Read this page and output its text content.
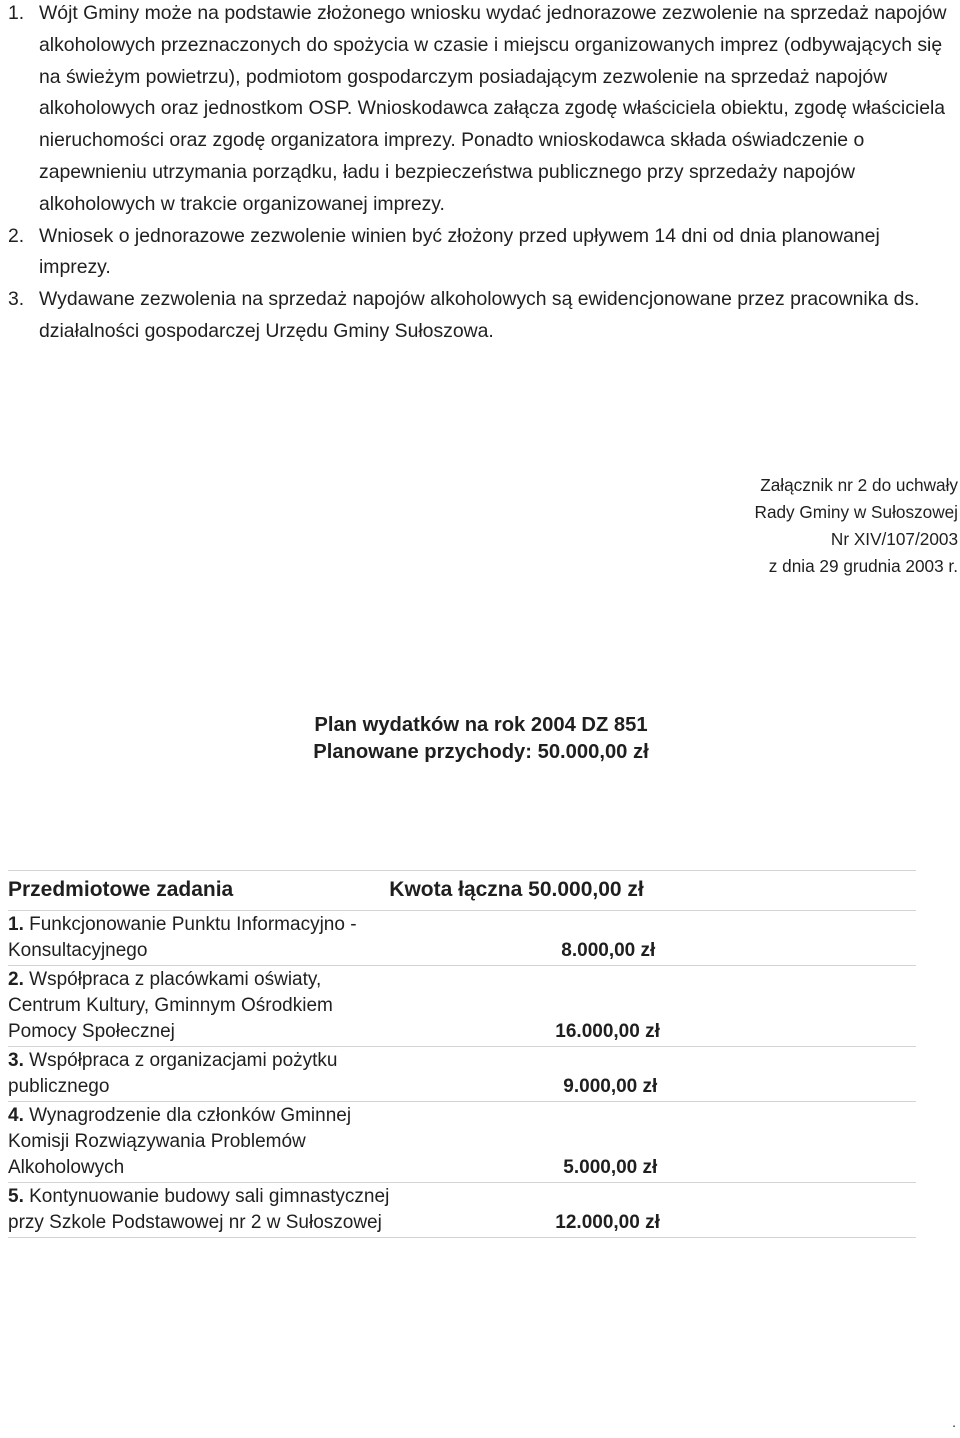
1. Wójt Gminy może na podstawie złożonego wniosku wydać jednorazowe zezwolenie na sprzedaż napojów alkoholowych przeznaczonych do spożycia w czasie i miejscu organizowanych imprez (odbywających się na świeżym powietrzu), podmiotom gospodarczym posiadającym zezwolenie na sprzedaż napojów alkoholowych oraz jednostkom OSP. Wnioskodawca załącza zgodę właściciela obiektu, zgodę właściciela nieruchomości oraz zgodę organizatora imprezy. Ponadto wnioskodawca składa oświadczenie o zapewnieniu utrzymania porządku, ładu i bezpieczeństwa publicznego przy sprzedaży napojów alkoholowych w trakcie organizowanej imprezy.
2. Wniosek o jednorazowe zezwolenie winien być złożony przed upływem 14 dni od dnia planowanej imprezy.
3. Wydawane zezwolenia na sprzedaż napojów alkoholowych są ewidencjonowane przez pracownika ds. działalności gospodarczej Urzędu Gminy Sułoszowa.
Załącznik nr 2 do uchwały
Rady Gminy w Sułoszowej
Nr XIV/107/2003
z dnia 29 grudnia 2003 r.
Plan wydatków na rok 2004 DZ 851
Planowane przychody: 50.000,00 zł
Przedmiotowe zadania	Kwota łączna 50.000,00 zł
1. Funkcjonowanie Punktu Informacyjno - Konsultacyjnego	8.000,00 zł
2. Współpraca z placówkami oświaty, Centrum Kultury, Gminnym Ośrodkiem Pomocy Społecznej	16.000,00 zł
3. Współpraca z organizacjami pożytku publicznego	9.000,00 zł
4. Wynagrodzenie dla członków Gminnej Komisji Rozwiązywania Problemów Alkoholowych	5.000,00 zł
5. Kontynuowanie budowy sali gimnastycznej przy Szkole Podstawowej nr 2 w Sułoszowej	12.000,00 zł
.
